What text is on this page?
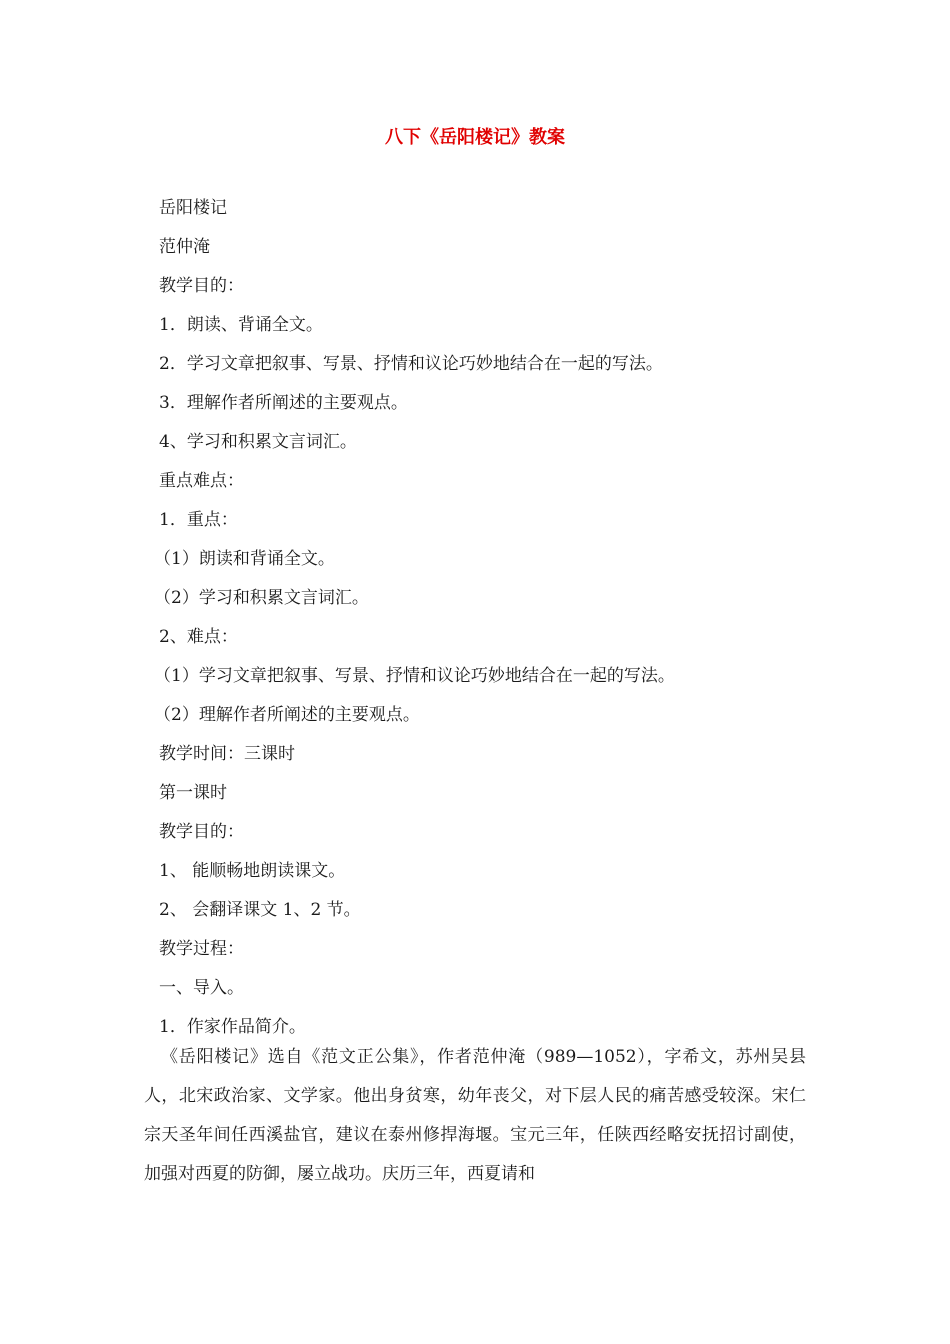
八下《岳阳楼记》教案
岳阳楼记
范仲淹
教学目的：
1．朗读、背诵全文。
2．学习文章把叙事、写景、抒情和议论巧妙地结合在一起的写法。
3．理解作者所阐述的主要观点。
4、学习和积累文言词汇。
重点难点：
1．重点：
（1）朗读和背诵全文。
（2）学习和积累文言词汇。
2、难点：
（1）学习文章把叙事、写景、抒情和议论巧妙地结合在一起的写法。
（2）理解作者所阐述的主要观点。
教学时间：三课时
第一课时
教学目的：
1、 能顺畅地朗读课文。
2、 会翻译课文 1、2 节。
教学过程：
一、导入。
1．作家作品简介。
《岳阳楼记》选自《范文正公集》，作者范仲淹（989—1052），字希文，苏州吴县人，北宋政治家、文学家。他出身贫寒，幼年丧父，对下层人民的痛苦感受较深。宋仁宗天圣年间任西溪盐官，建议在泰州修捍海堰。宝元三年，任陕西经略安抚招讨副使，加强对西夏的防御，屡立战功。庆历三年，西夏请和
